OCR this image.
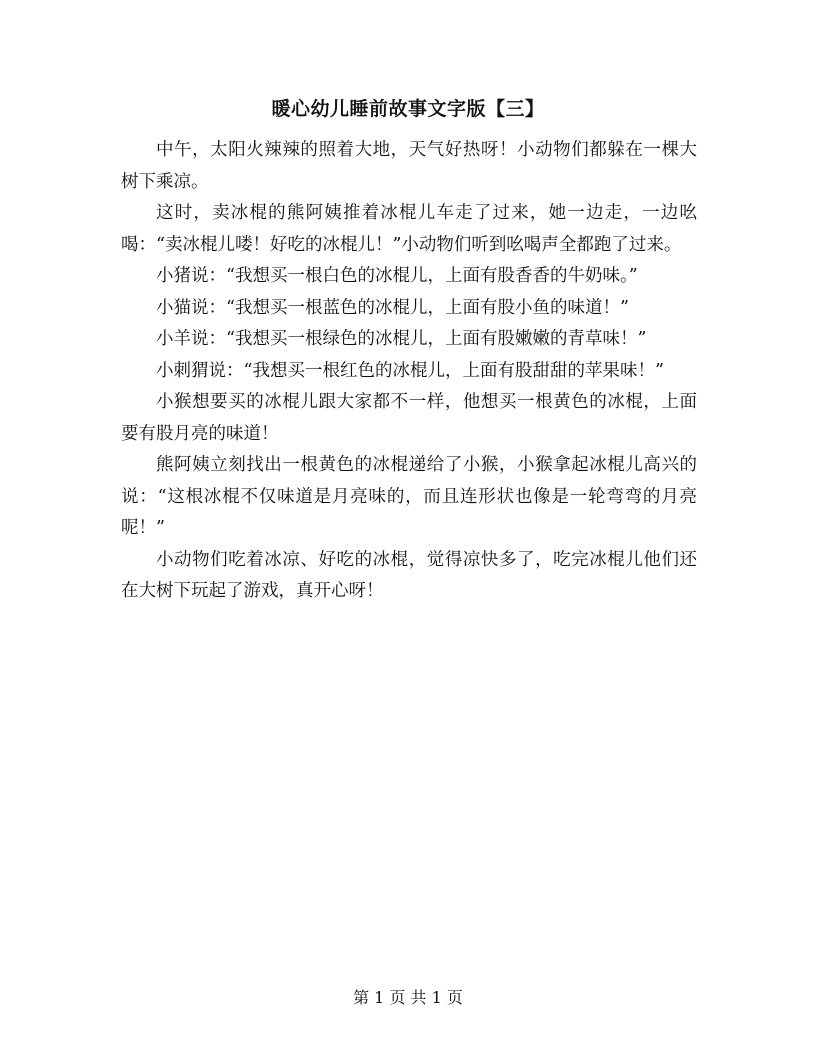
暖心幼儿睡前故事文字版【三】

中午，太阳火辣辣的照着大地，天气好热呀！小动物们都躲在一棵大树下乘凉。

这时，卖冰棍的熊阿姨推着冰棍儿车走了过来，她一边走，一边吆喝：“卖冰棍儿喽！好吃的冰棍儿！”小动物们听到吆喝声全都跑了过来。

小猪说：“我想买一根白色的冰棍儿，上面有股香香的牛奶味。”

小猫说：“我想买一根蓝色的冰棍儿，上面有股小鱼的味道！”

小羊说：“我想买一根绿色的冰棍儿，上面有股嫩嫩的青草味！”

小刺猬说：“我想买一根红色的冰棍儿，上面有股甜甜的苹果味！”

小猴想要买的冰棍儿跟大家都不一样，他想买一根黄色的冰棍，上面要有股月亮的味道！

熊阿姨立刻找出一根黄色的冰棍递给了小猴，小猴拿起冰棍儿高兴的说：“这根冰棍不仅味道是月亮味的，而且连形状也像是一轮弯弯的月亮呢！”

小动物们吃着冰凉、好吃的冰棍，觉得凉快多了，吃完冰棍儿他们还在大树下玩起了游戏，真开心呀！

第 1 页 共 1 页
